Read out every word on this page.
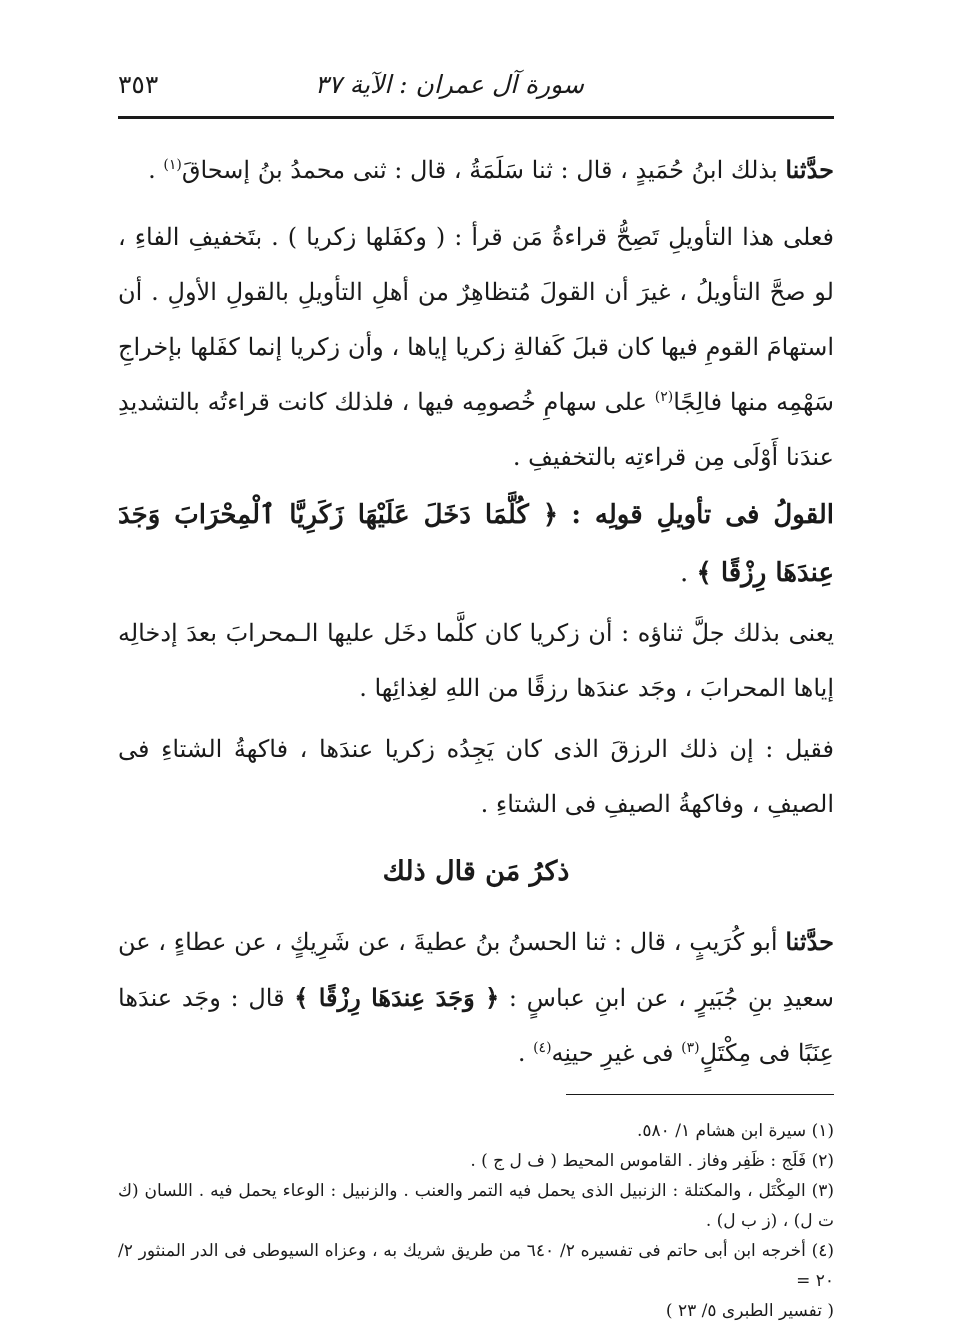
سورة آل عمران : الآية ٣٧
٣٥٣
حدَّثنا بذلك ابنُ حُمَيدٍ ، قال : ثنا سَلَمَةُ ، قال : ثنى محمدُ بنُ إسحاقَ$^{(١)}$ .
فعلى هذا التأويلِ تَصِحُّ قراءةُ مَن قرأ : ( وكفَلها زكريا ) . بتَخفيفِ الفاءِ ، لو صحَّ التأويلُ ، غيرَ أن القولَ مُتظاهِرٌ من أهلِ التأويلِ بالقولِ الأولِ . أن استهامَ القومِ فيها كان قبلَ كَفالةِ زكريا إياها ، وأن زكريا إنما كفَلها بإخراجِ سَهْمِه منها فالِجًا$^{(٢)}$ على سهامِ خُصومِه فيها ، فلذلك كانت قراءتُه بالتشديدِ عندَنا أَوْلَى مِن قراءتِه بالتخفيفِ .
القولُ فى تأويلِ قولِه : ﴿ كُلَّمَا دَخَلَ عَلَيْهَا زَكَرِيَّا ٱلْمِحْرَابَ وَجَدَ عِندَهَا رِزْقًا ﴾ .
يعنى بذلك جلَّ ثناؤه : أن زكريا كان كلَّما دخَل عليها الـمحرابَ بعدَ إدخالِه إياها المحرابَ ، وجَد عندَها رزقًا من اللهِ لغِذائِها .
فقيل : إن ذلك الرزقَ الذى كان يَجِدُه زكريا عندَها ، فاكهةُ الشتاءِ فى الصيفِ ، وفاكهةُ الصيفِ فى الشتاءِ .
ذكرُ مَن قال ذلك
حدَّثنا أبو كُرَيبٍ ، قال : ثنا الحسنُ بنُ عطيةَ ، عن شَرِيكٍ ، عن عطاءٍ ، عن سعيدِ بنِ جُبَيرٍ ، عن ابنِ عباسٍ : ﴿ وَجَدَ عِندَهَا رِزْقًا ﴾ قال : وجَد عندَها عِنَبًا فى مِكْتَلٍ$^{(٣)}$ فى غيرِ حينِه$^{(٤)}$ .

(١) سيرة ابن هشام ١/ ٥٨٠.

(٢) فَلَج : ظَفِر وفاز . القاموس المحيط ( ف ل ج ) .

(٣) المِكْتَل ، والمكتلة : الزنبيل الذى يحمل فيه التمر والعنب . والزنبيل : الوعاء يحمل فيه . اللسان (ك ت ل) ، (ز ب ل) .

(٤) أخرجه ابن أبى حاتم فى تفسيره ٢/ ٦٤٠ من طريق شريك به ، وعزاه السيوطى فى الدر المنثور ٢/ ٢٠ =

( تفسير الطبرى ٥/ ٢٣ )
